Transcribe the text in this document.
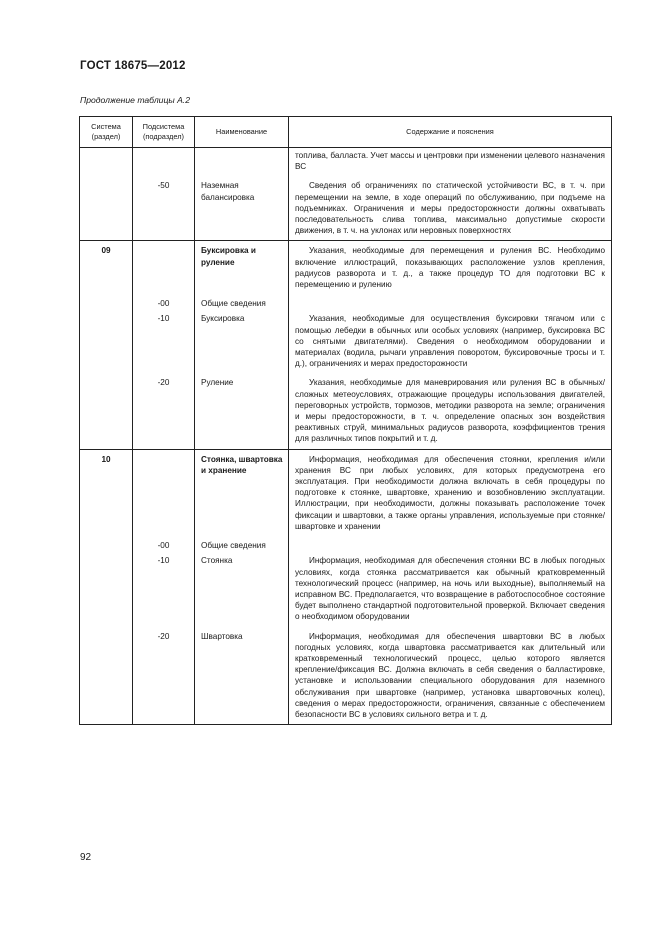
ГОСТ 18675—2012
Продолжение таблицы А.2
Система (раздел)	Подсистема (подраздел)	Наименование	Содержание и пояснения

			топлива, балласта. Учет массы и центровки при изменении целевого назначения ВС

	-50	Наземная балансировка	Сведения об ограничениях по статической устойчивости ВС, в т. ч. при перемещении на земле, в ходе операций по обслуживанию, при подъеме на подъемниках. Ограничения и меры предосторожности должны охватывать последовательность слива топлива, максимально допустимые скорости движения, в т. ч. на уклонах или неровных поверхностях

09		Буксировка и руление	Указания, необходимые для перемещения и руления ВС. Необходимо включение иллюстраций, показывающих расположение узлов крепления, радиусов разворота и т. д., а также процедур ТО для подготовки ВС к перемещению и рулению

	-00	Общие сведения	

	-10	Буксировка	Указания, необходимые для осуществления буксировки тягачом или с помощью лебедки в обычных или особых условиях (например, буксировка ВС со снятыми двигателями). Сведения о необходимом оборудовании и материалах (водила, рычаги управления поворотом, буксировочные тросы и т. д.), ограничениях и мерах предосторожности

	-20	Руление	Указания, необходимые для маневрирования или руления ВС в обычных/сложных метеоусловиях, отражающие процедуры использования двигателей, переговорных устройств, тормозов, методики разворота на земле; ограничения и меры предосторожности, в т. ч. определение опасных зон воздействия реактивных струй, минимальных радиусов разворота, коэффициентов трения для различных типов покрытий и т. д.

10		Стоянка, швартовка и хранение	Информация, необходимая для обеспечения стоянки, крепления и/или хранения ВС при любых условиях, для которых предусмотрена его эксплуатация. При необходимости должна включать в себя процедуры по подготовке к стоянке, швартовке, хранению и возобновлению эксплуатации. Иллюстрации, при необходимости, должны показывать расположение точек фиксации и швартовки, а также органы управления, используемые при стоянке/швартовке и хранении

	-00	Общие сведения	

	-10	Стоянка	Информация, необходимая для обеспечения стоянки ВС в любых погодных условиях, когда стоянка рассматривается как обычный кратковременный технологический процесс (например, на ночь или выходные), выполняемый на исправном ВС. Предполагается, что возвращение в работоспособное состояние будет выполнено стандартной подготовительной проверкой. Включает сведения о необходимом оборудовании

	-20	Швартовка	Информация, необходимая для обеспечения швартовки ВС в любых погодных условиях, когда швартовка рассматривается как длительный или кратковременный технологический процесс, целью которого является крепление/фиксация ВС. Должна включать в себя сведения о балластировке, установке и использовании специального оборудования для наземного обслуживания при швартовке (например, установка швартовочных колец), сведения о мерах предосторожности, ограничения, связанные с обеспечением безопасности ВС в условиях сильного ветра и т. д.

92
